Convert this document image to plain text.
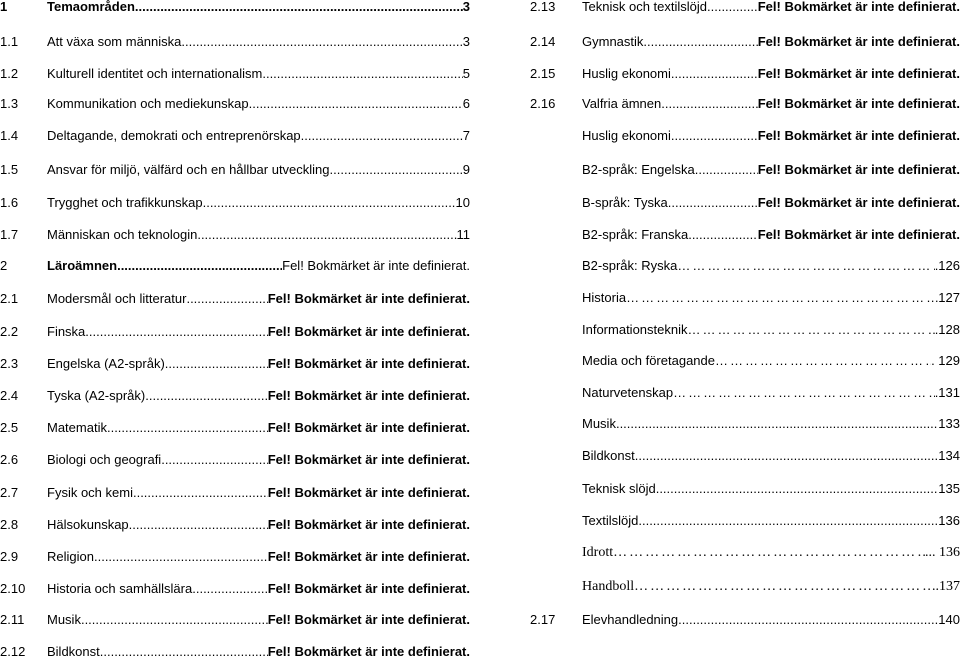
1	Temaområden .....	3
1.1	Att växa som människa .....	3
1.2	Kulturell identitet och internationalism .....	5
1.3	Kommunikation och mediekunskap .....	6
1.4	Deltagande, demokrati och entreprenörskap .....	7
1.5	Ansvar för miljö, välfärd och en hållbar utveckling .....	9
1.6	Trygghet och trafikkunskap .....	10
1.7	Människan och teknologin .....	11
2	Läroämnen .....	Fel! Bokmärket är inte definierat.
2.1	Modersmål och litteratur .....	Fel! Bokmärket är inte definierat.
2.2	Finska .....	Fel! Bokmärket är inte definierat.
2.3	Engelska (A2-språk) .....	Fel! Bokmärket är inte definierat.
2.4	Tyska (A2-språk) .....	Fel! Bokmärket är inte definierat.
2.5	Matematik .....	Fel! Bokmärket är inte definierat.
2.6	Biologi och geografi .....	Fel! Bokmärket är inte definierat.
2.7	Fysik och kemi .....	Fel! Bokmärket är inte definierat.
2.8	Hälsokunskap .....	Fel! Bokmärket är inte definierat.
2.9	Religion .....	Fel! Bokmärket är inte definierat.
2.10	Historia och samhällslära .....	Fel! Bokmärket är inte definierat.
2.11	Musik .....	Fel! Bokmärket är inte definierat.
2.12	Bildkonst .....	Fel! Bokmärket är inte definierat.
2.13	Teknisk och textilslöjd .....	Fel! Bokmärket är inte definierat.
2.14	Gymnastik .....	Fel! Bokmärket är inte definierat.
2.15	Huslig ekonomi .....	Fel! Bokmärket är inte definierat.
2.16	Valfria ämnen .....	Fel! Bokmärket är inte definierat.
Huslig ekonomi .....	Fel! Bokmärket är inte definierat.
B2-språk: Engelska .....	Fel! Bokmärket är inte definierat.
B-språk: Tyska .....	Fel! Bokmärket är inte definierat.
B2-språk: Franska .....	Fel! Bokmärket är inte definierat.
B2-språk: Ryska …………………………………………………………………………………………………………………………………………………………………………………………	.126
Historia …………………………………………………………………………………………………………………………………………………………………………………………	127
Informationsteknik …………………………………………………………………………………………………………………………………………………………………………………………	.128
Media och företagande …………………………………………………………………………………………………………………………………………………………………………………………	. 129
Naturvetenskap …………………………………………………………………………………………………………………………………………………………………………………………	.131
Musik .....	133
Bildkonst .....	134
Teknisk slöjd .....	135
Textilslöjd .....	136
Idrott …………………………………………………………………………………………………………………………………………………………………………………………	... 136
Handboll …………………………………………………………………………………………………………………………………………………………………………………………	..137
2.17	Elevhandledning .....	140
